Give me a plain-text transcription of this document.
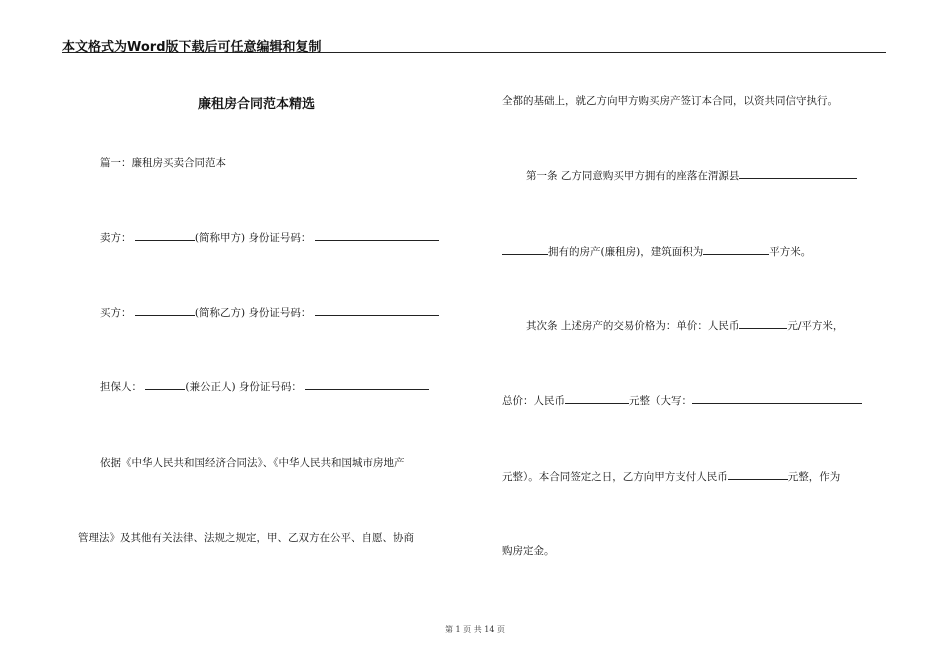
本文格式为Word版下载后可任意编辑和复制
廉租房合同范本精选
篇一：廉租房买卖合同范本
卖方：	(简称甲方) 身份证号码：
买方：	(简称乙方) 身份证号码：
担保人：	(兼公正人) 身份证号码：
依据《中华人民共和国经济合同法》、《中华人民共和国城市房地产
管理法》及其他有关法律、法规之规定，甲、乙双方在公平、自愿、协商
全都的基础上，就乙方向甲方购买房产签订本合同，以资共同信守执行。
第一条 乙方同意购买甲方拥有的座落在渭源县
拥有的房产(廉租房)，建筑面积为	平方米。
其次条 上述房产的交易价格为：单价：人民币	元/平方米，
总价：人民币	元整（大写：
元整）。本合同签定之日，乙方向甲方支付人民币	元整，作为
购房定金。
第 1 页 共 14 页
